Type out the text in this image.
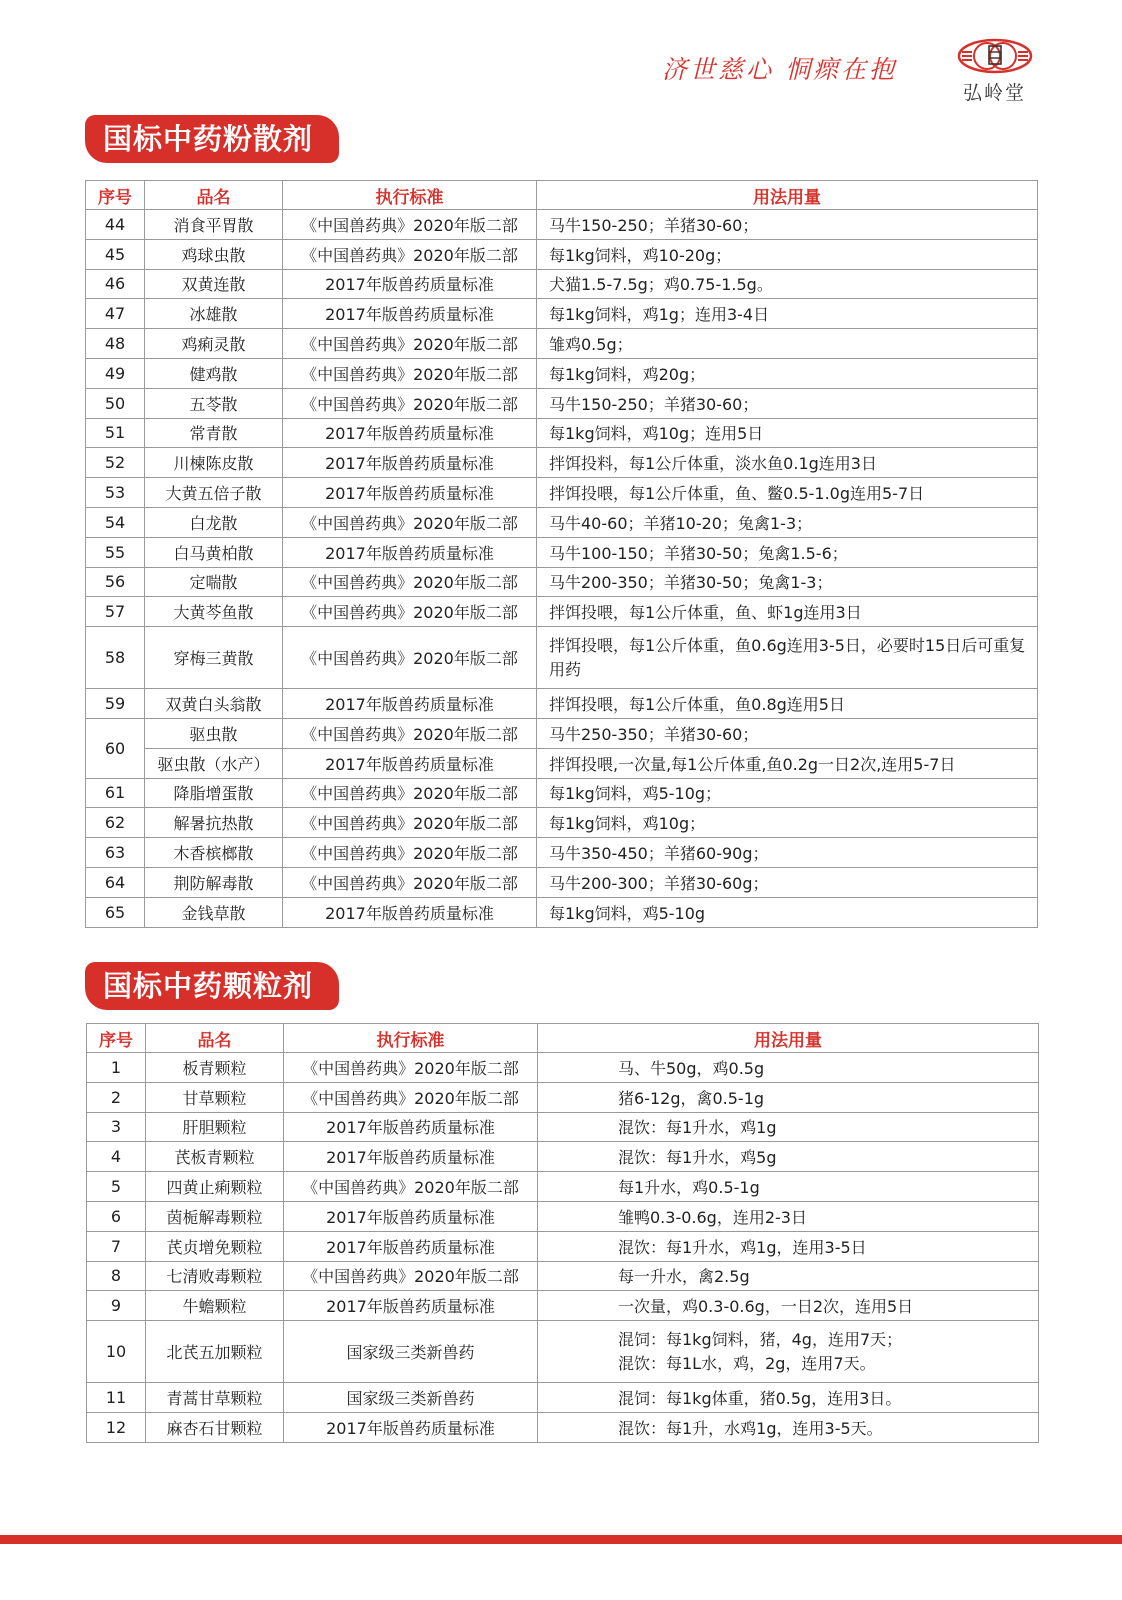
济世慈心 恫瘝在抱
弘岭堂
国标中药粉散剂
序号	品名	执行标准	用法用量
44	消食平胃散	《中国兽药典》2020年版二部	马牛150-250；羊猪30-60；
45	鸡球虫散	《中国兽药典》2020年版二部	每1kg饲料，鸡10-20g；
46	双黄连散	2017年版兽药质量标准	犬猫1.5-7.5g；鸡0.75-1.5g。
47	冰雄散	2017年版兽药质量标准	每1kg饲料，鸡1g；连用3-4日
48	鸡痢灵散	《中国兽药典》2020年版二部	雏鸡0.5g；
49	健鸡散	《中国兽药典》2020年版二部	每1kg饲料，鸡20g；
50	五苓散	《中国兽药典》2020年版二部	马牛150-250；羊猪30-60；
51	常青散	2017年版兽药质量标准	每1kg饲料，鸡10g；连用5日
52	川楝陈皮散	2017年版兽药质量标准	拌饵投料，每1公斤体重，淡水鱼0.1g连用3日
53	大黄五倍子散	2017年版兽药质量标准	拌饵投喂，每1公斤体重，鱼、鳖0.5-1.0g连用5-7日
54	白龙散	《中国兽药典》2020年版二部	马牛40-60；羊猪10-20；兔禽1-3；
55	白马黄柏散	2017年版兽药质量标准	马牛100-150；羊猪30-50；兔禽1.5-6；
56	定喘散	《中国兽药典》2020年版二部	马牛200-350；羊猪30-50；兔禽1-3；
57	大黄芩鱼散	《中国兽药典》2020年版二部	拌饵投喂，每1公斤体重，鱼、虾1g连用3日
58	穿梅三黄散	《中国兽药典》2020年版二部	拌饵投喂，每1公斤体重，鱼0.6g连用3-5日，必要时15日后可重复用药
59	双黄白头翁散	2017年版兽药质量标准	拌饵投喂，每1公斤体重，鱼0.8g连用5日
60	驱虫散	《中国兽药典》2020年版二部	马牛250-350；羊猪30-60；
	驱虫散（水产）	2017年版兽药质量标准	拌饵投喂,一次量,每1公斤体重,鱼0.2g一日2次,连用5-7日
61	降脂增蛋散	《中国兽药典》2020年版二部	每1kg饲料，鸡5-10g；
62	解暑抗热散	《中国兽药典》2020年版二部	每1kg饲料，鸡10g；
63	木香槟榔散	《中国兽药典》2020年版二部	马牛350-450；羊猪60-90g；
64	荆防解毒散	《中国兽药典》2020年版二部	马牛200-300；羊猪30-60g；
65	金钱草散	2017年版兽药质量标准	每1kg饲料，鸡5-10g
国标中药颗粒剂
序号	品名	执行标准	用法用量
1	板青颗粒	《中国兽药典》2020年版二部	马、牛50g，鸡0.5g
2	甘草颗粒	《中国兽药典》2020年版二部	猪6-12g，禽0.5-1g
3	肝胆颗粒	2017年版兽药质量标准	混饮：每1升水，鸡1g
4	芪板青颗粒	2017年版兽药质量标准	混饮：每1升水，鸡5g
5	四黄止痢颗粒	《中国兽药典》2020年版二部	每1升水，鸡0.5-1g
6	茵栀解毒颗粒	2017年版兽药质量标准	雏鸭0.3-0.6g，连用2-3日
7	芪贞增免颗粒	2017年版兽药质量标准	混饮：每1升水，鸡1g，连用3-5日
8	七清败毒颗粒	《中国兽药典》2020年版二部	每一升水，禽2.5g
9	牛蟾颗粒	2017年版兽药质量标准	一次量，鸡0.3-0.6g，一日2次，连用5日
10	北芪五加颗粒	国家级三类新兽药	混饲：每1kg饲料，猪，4g，连用7天；
混饮：每1L水，鸡，2g，连用7天。

11	青蒿甘草颗粒	国家级三类新兽药	混饲：每1kg体重，猪0.5g，连用3日。
12	麻杏石甘颗粒	2017年版兽药质量标准	混饮：每1升，水鸡1g，连用3-5天。
